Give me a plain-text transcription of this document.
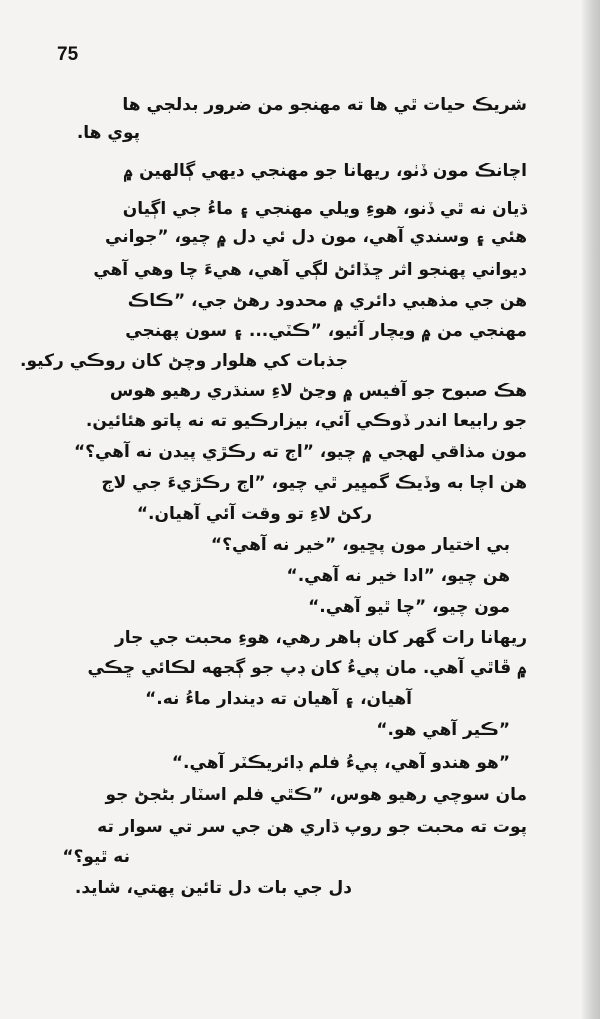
75
شريڪ حيات ٿي ها ته مهنجو من ضرور بدلجي ها
پوي ها.
اچانڪ مون ڏٺو، ريهانا جو مهنجي ديهي ڳالهين ۾
ڌيان نه ٿي ڏنو، هوءِ ويلي مهنجي ۽ ماءُ جي اڳيان
هئي ۽ وسندي آهي، مون دل ئي دل ۾ چيو، ”جواني
ديواني پهنجو اثر ڇڏائڻ لڳي آهي، هيءَ چا وهي آهي
هن جي مذهبي دائري ۾ محدود رهڻ جي، ”ڪاڪ
مهنجي من ۾ ويچار آئيو، ”ڪٽي... ۽ سون پهنجي
جذبات کي هلوار وچڻ کان روڪي رکيو.
هڪ صبوح جو آفيس ۾ وڃڻ لاءِ سنڌري رهيو هوس
جو رابيعا اندر ڏوڪي آئي، بيزارڪيو ته نه پاتو هئائين.
مون مذاقي لهجي ۾ چيو، ”اڄ ته رڪڙي پيدن نه آهي؟“
هن اچا به وڏيڪ گمڀير ٿي چيو، ”اڄ رڪڙيءَ جي لاڄ
رکڻ لاءِ تو وقت آئي آهيان.“
بي اختيار مون پڇيو، ”خير نه آهي؟“
هن چيو، ”ادا خير نه آهي.“
مون چيو، ”چا ٿيو آهي.“
ريهانا رات گهر کان ٻاهر رهي، هوءِ محبت جي جار
۾ ڦاٿي آهي. مان پيءُ کان ڊپ جو ڳجهه لڪائي ڇڪي
آهيان، ۽ آهيان ته ديندار ماءُ نه.“
”ڪير آهي هو.“
”هو هندو آهي، پيءُ فلم ڊائريڪٽر آهي.“
مان سوچي رهيو هوس، ”ڪٿي فلم اسٽار بڻجڻ جو
پوت ته محبت جو روپ ڌاري هن جي سر تي سوار ته
نه ٿيو؟“
دل جي بات دل تائين پهتي، شايد.
